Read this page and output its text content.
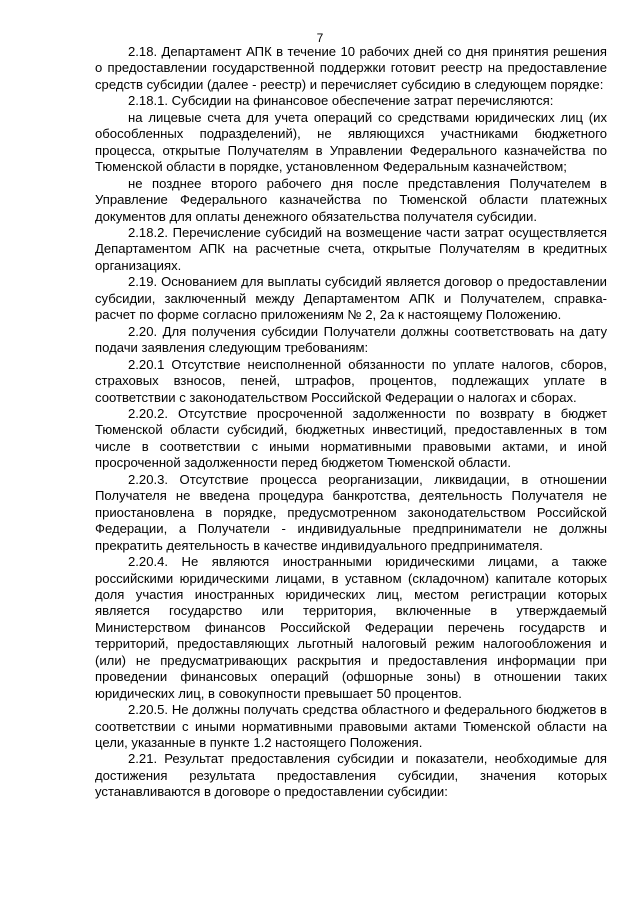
7

2.18. Департамент АПК в течение 10 рабочих дней со дня принятия решения о предоставлении государственной поддержки готовит реестр на предоставление средств субсидии (далее - реестр) и перечисляет субсидию в следующем порядке:

2.18.1. Субсидии на финансовое обеспечение затрат перечисляются:

на лицевые счета для учета операций со средствами юридических лиц (их обособленных подразделений), не являющихся участниками бюджетного процесса, открытые Получателям в Управлении Федерального казначейства по Тюменской области в порядке, установленном Федеральным казначейством;

не позднее второго рабочего дня после представления Получателем в Управление Федерального казначейства по Тюменской области платежных документов для оплаты денежного обязательства получателя субсидии.

2.18.2. Перечисление субсидий на возмещение части затрат осуществляется Департаментом АПК на расчетные счета, открытые Получателям в кредитных организациях.

2.19. Основанием для выплаты субсидий является договор о предоставлении субсидии, заключенный между Департаментом АПК и Получателем, справка-расчет по форме согласно приложениям № 2, 2а к настоящему Положению.

2.20. Для получения субсидии Получатели должны соответствовать на дату подачи заявления следующим требованиям:

2.20.1 Отсутствие неисполненной обязанности по уплате налогов, сборов, страховых взносов, пеней, штрафов, процентов, подлежащих уплате в соответствии с законодательством Российской Федерации о налогах и сборах.

2.20.2. Отсутствие просроченной задолженности по возврату в бюджет Тюменской области субсидий, бюджетных инвестиций, предоставленных в том числе в соответствии с иными нормативными правовыми актами, и иной просроченной задолженности перед бюджетом Тюменской области.

2.20.3. Отсутствие процесса реорганизации, ликвидации, в отношении Получателя не введена процедура банкротства, деятельность Получателя не приостановлена в порядке, предусмотренном законодательством Российской Федерации, а Получатели - индивидуальные предприниматели не должны прекратить деятельность в качестве индивидуального предпринимателя.

2.20.4. Не являются иностранными юридическими лицами, а также российскими юридическими лицами, в уставном (складочном) капитале которых доля участия иностранных юридических лиц, местом регистрации которых является государство или территория, включенные в утверждаемый Министерством финансов Российской Федерации перечень государств и территорий, предоставляющих льготный налоговый режим налогообложения и (или) не предусматривающих раскрытия и предоставления информации при проведении финансовых операций (офшорные зоны) в отношении таких юридических лиц, в совокупности превышает 50 процентов.

2.20.5. Не должны получать средства областного и федерального бюджетов в соответствии с иными нормативными правовыми актами Тюменской области на цели, указанные в пункте 1.2 настоящего Положения.

2.21. Результат предоставления субсидии и показатели, необходимые для достижения результата предоставления субсидии, значения которых устанавливаются в договоре о предоставлении субсидии:
